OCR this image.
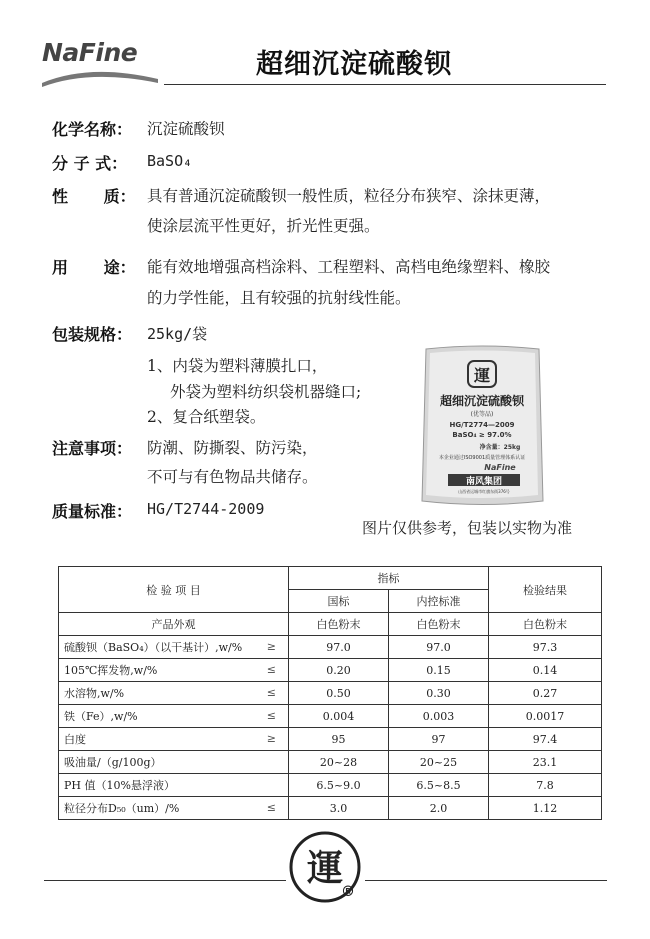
NaFine	超细沉淀硫酸钡
化学名称： 沉淀硫酸钡
分 子 式： BaSO₄
性 质： 具有普通沉淀硫酸钡一般性质，粒径分布狭窄、涂抹更薄，
使涂层流平性更好，折光性更强。
用 途： 能有效地增强高档涂料、工程塑料、高档电绝缘塑料、橡胶
的力学性能，且有较强的抗射线性能。
包装规格： 25kg/袋
1、内袋为塑料薄膜扎口，
外袋为塑料纺织袋机器缝口;
2、复合纸塑袋。
注意事项： 防潮、防撕裂、防污染，
不可与有色物品共储存。
质量标准： HG/T2744-2009
運
超细沉淀硫酸钡
(优等品)
HG/T2774—2009
BaSO₄ ≥ 97.0%
净含量：25kg
本企业通过ISO9001质量管理体系认证
NaFine
南风集团
山西省运城市红旗东街376号
图片仅供参考，包装以实物为准
检 验 项 目	指标		检验结果
	国标	内控标准	
产品外观	白色粉末	白色粉末	白色粉末
硫酸钡（BaSO₄）（以干基计）,w/% ≥	97.0	97.0	97.3
105℃挥发物,w/% ≤	0.20	0.15	0.14
水溶物,w/% ≤	0.50	0.30	0.27
铁（Fe）,w/% ≤	0.004	0.003	0.0017
白度 ≥	95	97	97.4
吸油量/（g/100g）	20~28	20~25	23.1
PH 值（10%悬浮液）	6.5~9.0	6.5~8.5	7.8
粒径分布D₅₀（um）/% ≤	3.0	2.0	1.12
運
®
